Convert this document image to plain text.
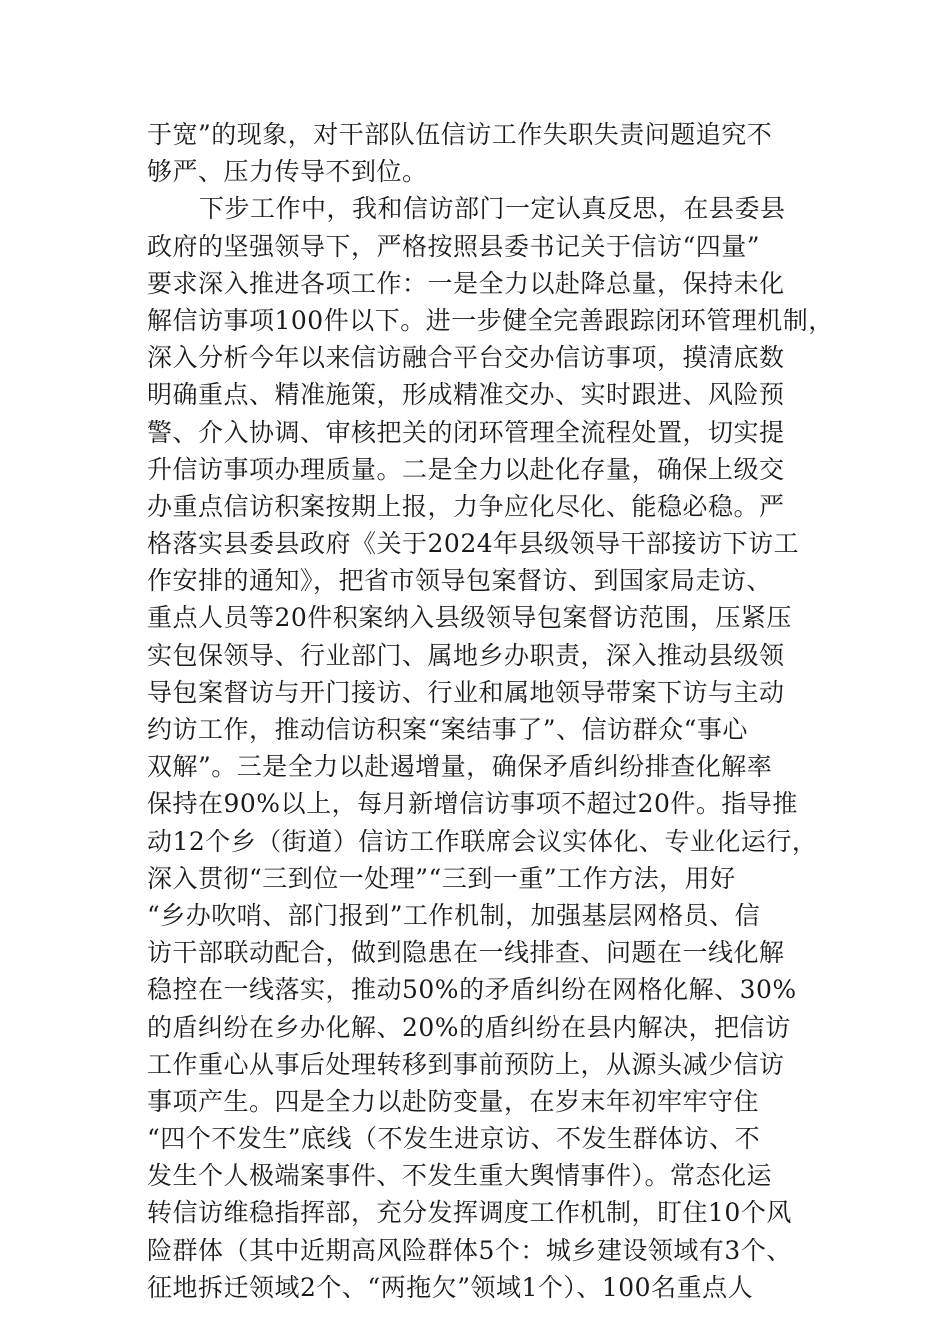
于宽”的现象，对干部队伍信访工作失职失责问题追究不
够严、压力传导不到位。
下步工作中，我和信访部门一定认真反思，在县委县
政府的坚强领导下，严格按照县委书记关于信访“四量”
要求深入推进各项工作：一是全力以赴降总量，保持未化
解信访事项100件以下。进一步健全完善跟踪闭环管理机制，
深入分析今年以来信访融合平台交办信访事项，摸清底数
明确重点、精准施策，形成精准交办、实时跟进、风险预
警、介入协调、审核把关的闭环管理全流程处置，切实提
升信访事项办理质量。二是全力以赴化存量，确保上级交
办重点信访积案按期上报，力争应化尽化、能稳必稳。严
格落实县委县政府《关于2024年县级领导干部接访下访工
作安排的通知》，把省市领导包案督访、到国家局走访、
重点人员等20件积案纳入县级领导包案督访范围，压紧压
实包保领导、行业部门、属地乡办职责，深入推动县级领
导包案督访与开门接访、行业和属地领导带案下访与主动
约访工作，推动信访积案“案结事了”、信访群众“事心
双解”。三是全力以赴遏增量，确保矛盾纠纷排查化解率
保持在90%以上，每月新增信访事项不超过20件。指导推
动12个乡（街道）信访工作联席会议实体化、专业化运行，
深入贯彻“三到位一处理”“三到一重”工作方法，用好
“乡办吹哨、部门报到”工作机制，加强基层网格员、信
访干部联动配合，做到隐患在一线排查、问题在一线化解
稳控在一线落实，推动50%的矛盾纠纷在网格化解、30%
的盾纠纷在乡办化解、20%的盾纠纷在县内解决，把信访
工作重心从事后处理转移到事前预防上，从源头减少信访
事项产生。四是全力以赴防变量，在岁末年初牢牢守住
“四个不发生”底线（不发生进京访、不发生群体访、不
发生个人极端案事件、不发生重大舆情事件）。常态化运
转信访维稳指挥部，充分发挥调度工作机制，盯住10个风
险群体（其中近期高风险群体5个：城乡建设领域有3个、
征地拆迁领域2个、“两拖欠”领域1个）、100名重点人
